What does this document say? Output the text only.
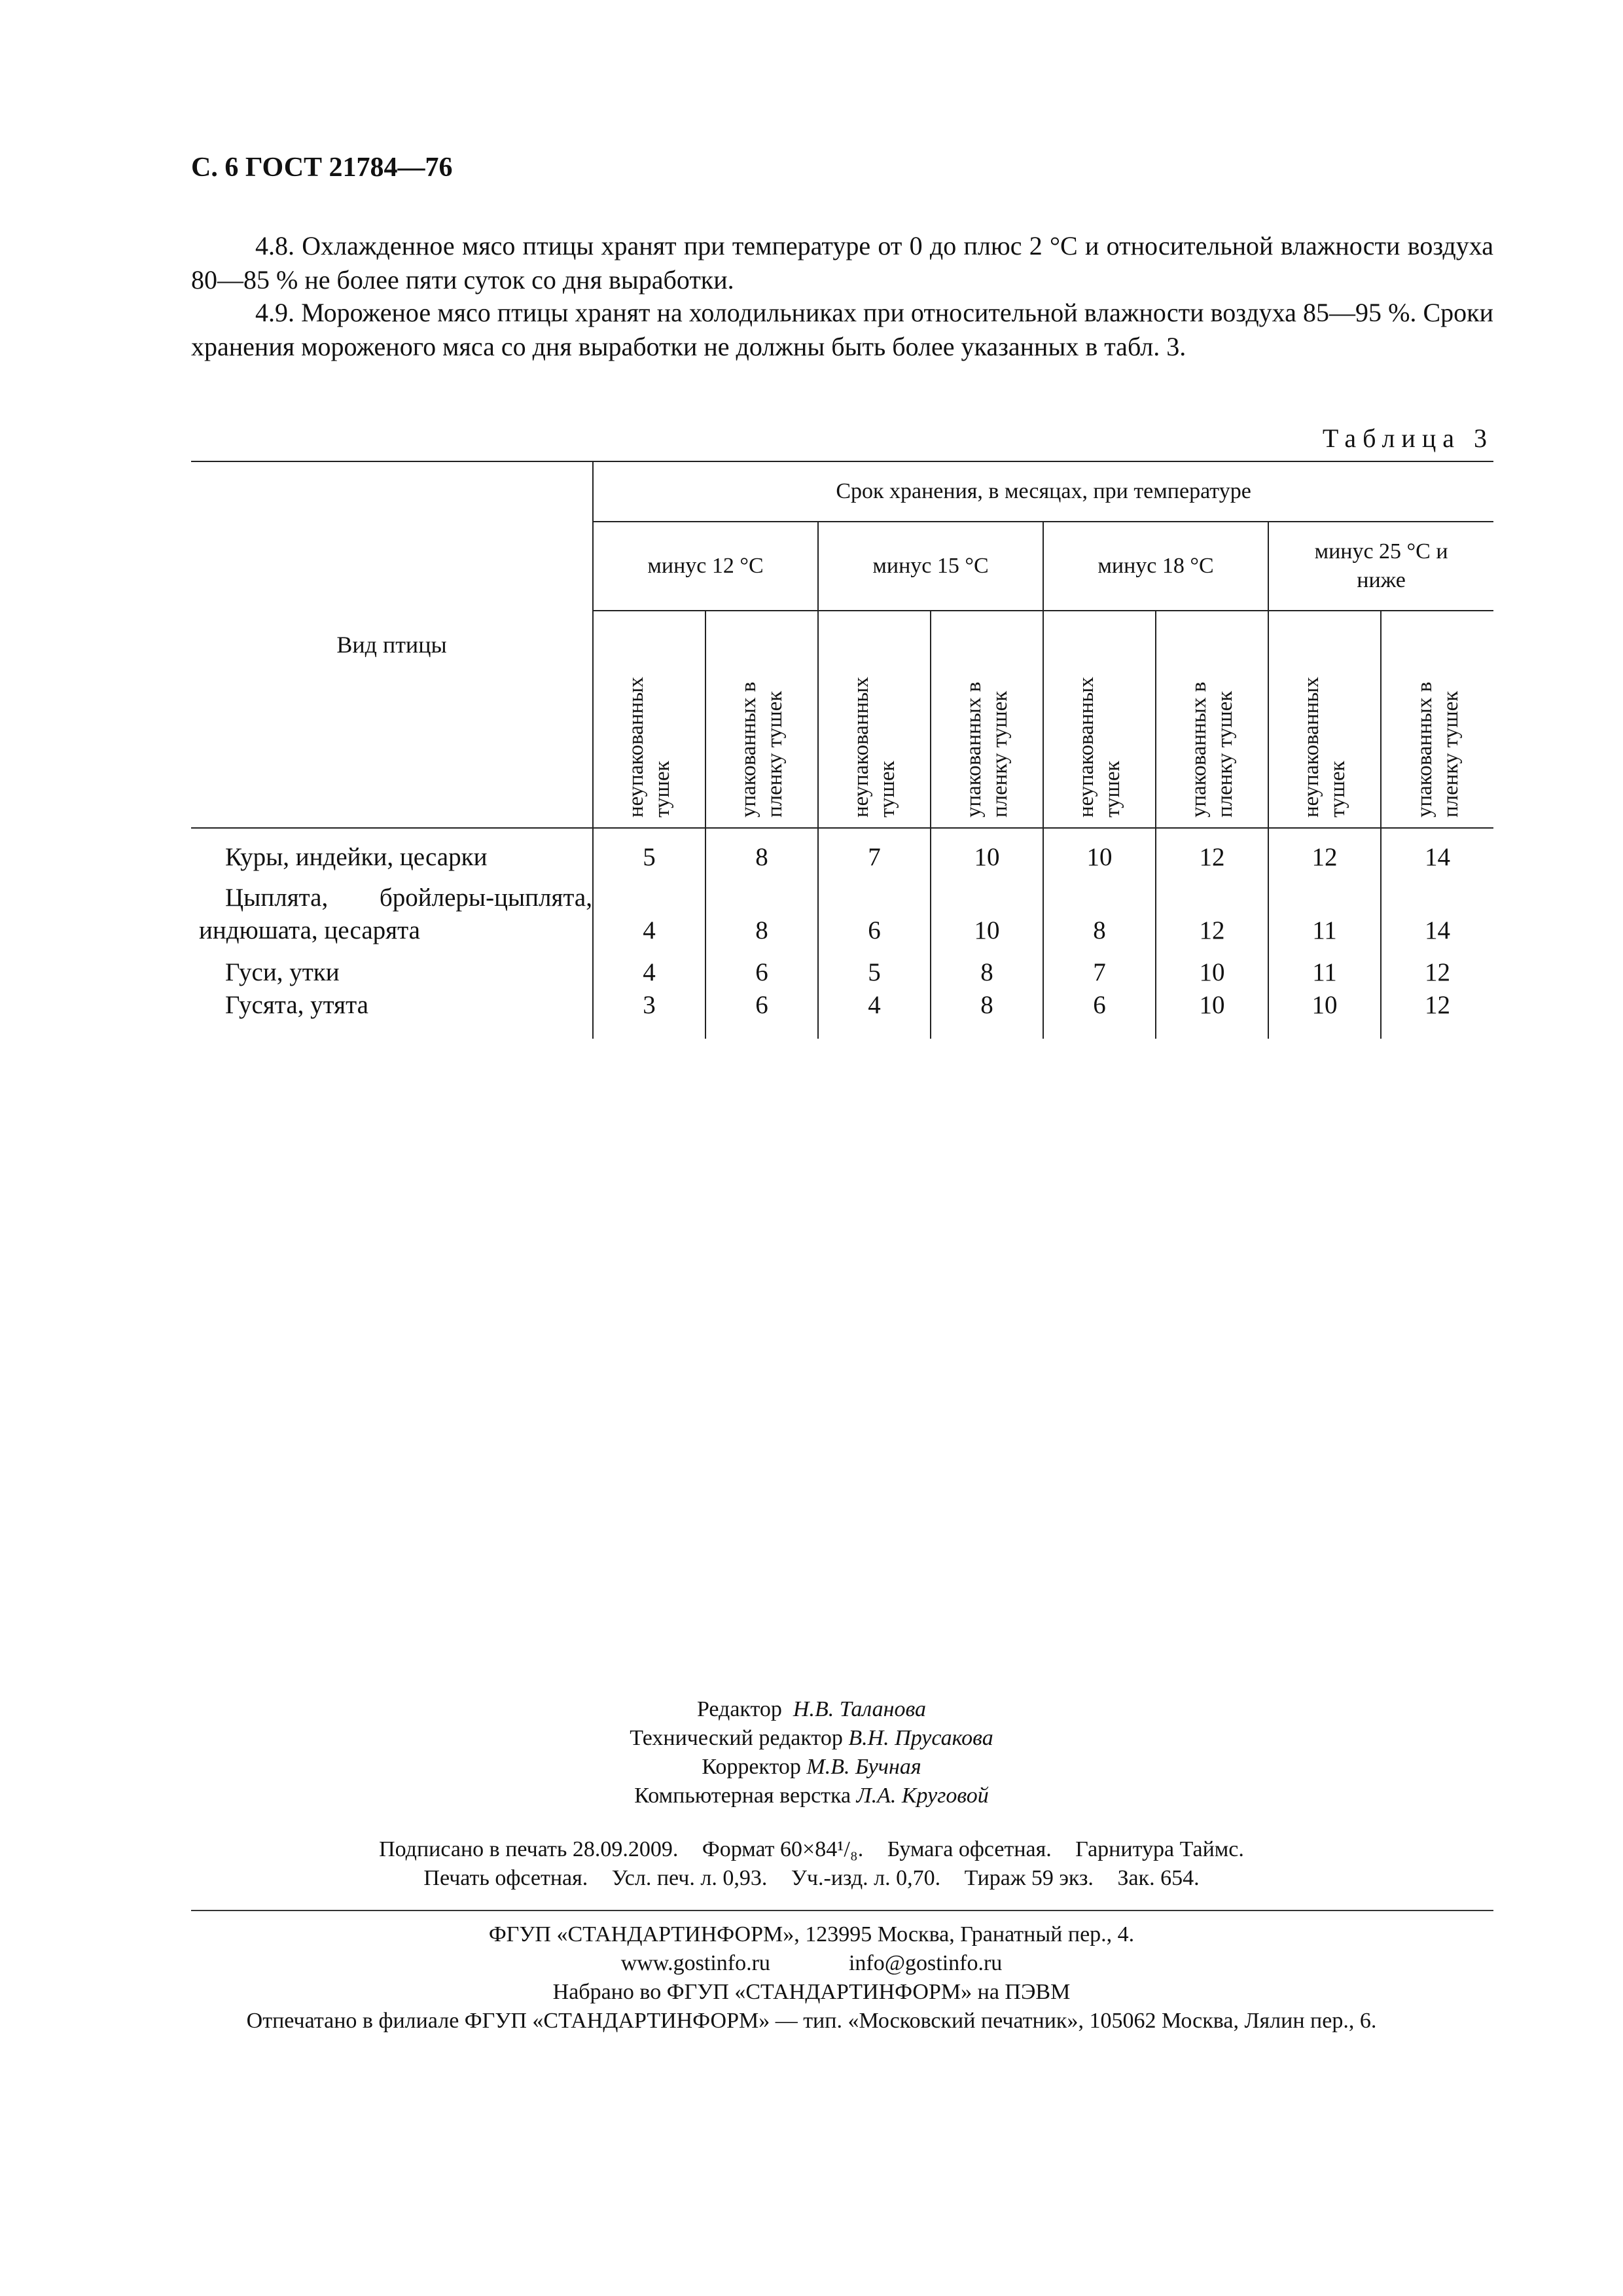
С. 6 ГОСТ 21784—76
4.8. Охлажденное мясо птицы хранят при температуре от 0 до плюс 2 °С и относительной влажности воздуха 80—85 % не более пяти суток со дня выработки.
4.9. Мороженое мясо птицы хранят на холодильниках при относительной влажности воздуха 85—95 %. Сроки хранения мороженого мяса со дня выработки не должны быть более указанных в табл. 3.
Таблица 3
Вид птицы	Срок хранения, в месяцах, при температуре							
	минус 12 °С		минус 15 °С		минус 18 °С		минус 25 °С и ниже	

	неупакованных тушек	упакованных в пленку тушек	неупакованных тушек	упакованных в пленку тушек	неупакованных тушек	упакованных в пленку тушек	неупакованных тушек	упакованных в пленку тушек

Куры, индейки, цесарки	5	8	7	10	10	12	12	14
Цыплята, бройлеры-цыплята, индюшата, цесарята	4	8	6	10	8	12	11	14
Гуси, утки	4	6	5	8	7	10	11	12
Гусята, утята	3	6	4	8	6	10	10	12
Редактор Н.В. Таланова
Технический редактор В.Н. Прусакова
Корректор М.В. Бучная
Компьютерная верстка Л.А. Круговой
Подписано в печать 28.09.2009. Формат 60×84¹/₈. Бумага офсетная. Гарнитура Таймс.
Печать офсетная. Усл. печ. л. 0,93. Уч.-изд. л. 0,70. Тираж 59 экз. Зак. 654.
ФГУП «СТАНДАРТИНФОРМ», 123995 Москва, Гранатный пер., 4.
www.gostinfo.ru	info@gostinfo.ru
Набрано во ФГУП «СТАНДАРТИНФОРМ» на ПЭВМ
Отпечатано в филиале ФГУП «СТАНДАРТИНФОРМ» — тип. «Московский печатник», 105062 Москва, Лялин пер., 6.
